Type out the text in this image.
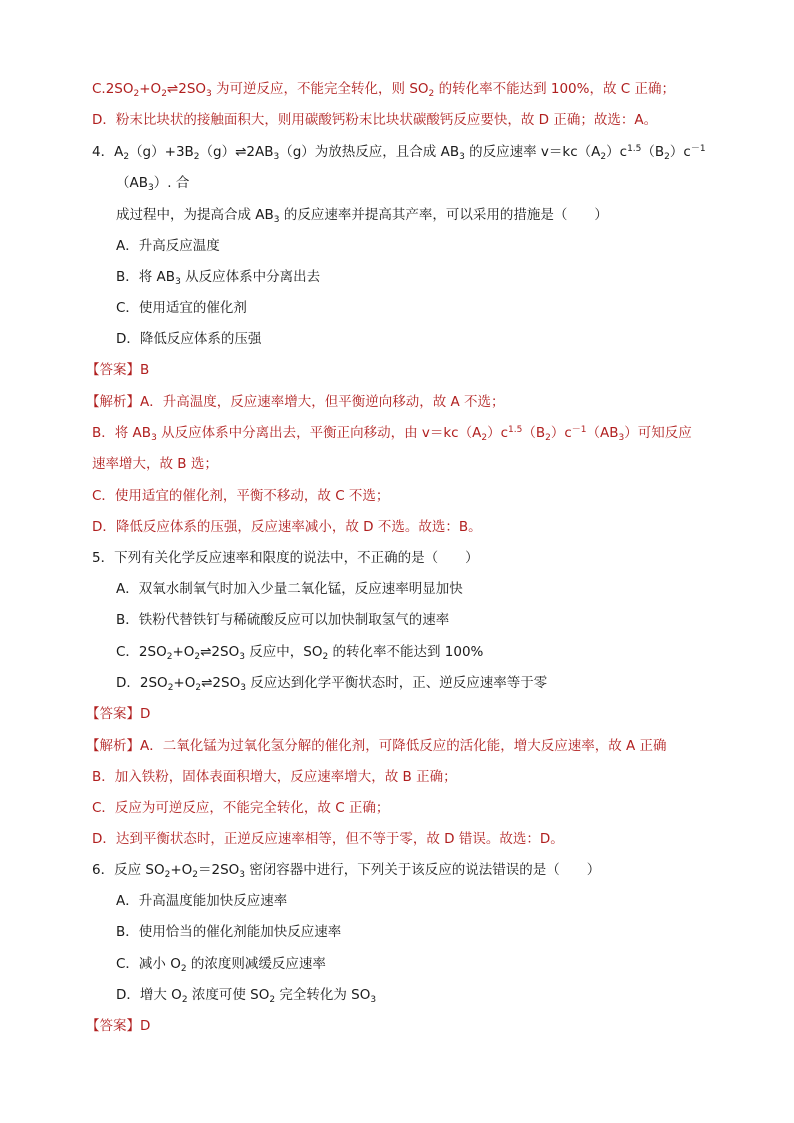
$C.2SO_2+O_2\rightleftharpoons 2SO_3$ 为可逆反应，不能完全转化，则 $SO_2$ 的转化率不能达到 100%，故 C 正确；
D．粉末比块状的接触面积大，则用碳酸钙粉末比块状碳酸钙反应要快，故 D 正确；故选：A。
4．$A_2(g)+3B_2(g)\rightleftharpoons 2AB_3(g)$为放热反应，且合成 $AB_3$ 的反应速率 $v=kc(A_2)c^{1.5}(B_2)c^{-1}$
$(AB_3)$. 合
成过程中，为提高合成 $AB_3$ 的反应速率并提高其产率，可以采用的措施是（　　）
A．升高反应温度
B．将 $AB_3$ 从反应体系中分离出去
C．使用适宜的催化剂
D．降低反应体系的压强
【答案】B
【解析】A．升高温度，反应速率增大，但平衡逆向移动，故 A 不选；
B．将 $AB_3$ 从反应体系中分离出去，平衡正向移动，由 $v=kc(A_2)c^{1.5}(B_2)c^{-1}(AB_3)$可知反应
速率增大，故 B 选；
C．使用适宜的催化剂，平衡不移动，故 C 不选；
D．降低反应体系的压强，反应速率减小，故 D 不选。故选：B。
5．下列有关化学反应速率和限度的说法中，不正确的是（　　）
A．双氧水制氧气时加入少量二氧化锰，反应速率明显加快
B．铁粉代替铁钉与稀硫酸反应可以加快制取氢气的速率
C．$2SO_2+O_2\rightleftharpoons 2SO_3$ 反应中，$SO_2$ 的转化率不能达到 100%
D．$2SO_2+O_2\rightleftharpoons 2SO_3$ 反应达到化学平衡状态时，正、逆反应速率等于零
【答案】D
【解析】A．二氧化锰为过氧化氢分解的催化剂，可降低反应的活化能，增大反应速率，故 A 正确
B．加入铁粉，固体表面积增大，反应速率增大，故 B 正确；
C．反应为可逆反应，不能完全转化，故 C 正确；
D．达到平衡状态时，正逆反应速率相等，但不等于零，故 D 错误。故选：D。
6．反应 $SO_2+O_2=2SO_3$ 密闭容器中进行，下列关于该反应的说法错误的是（　　）
A．升高温度能加快反应速率
B．使用恰当的催化剂能加快反应速率
C．减小 $O_2$ 的浓度则减缓反应速率
D．增大 $O_2$ 浓度可使 $SO_2$ 完全转化为 $SO_3$
【答案】D
